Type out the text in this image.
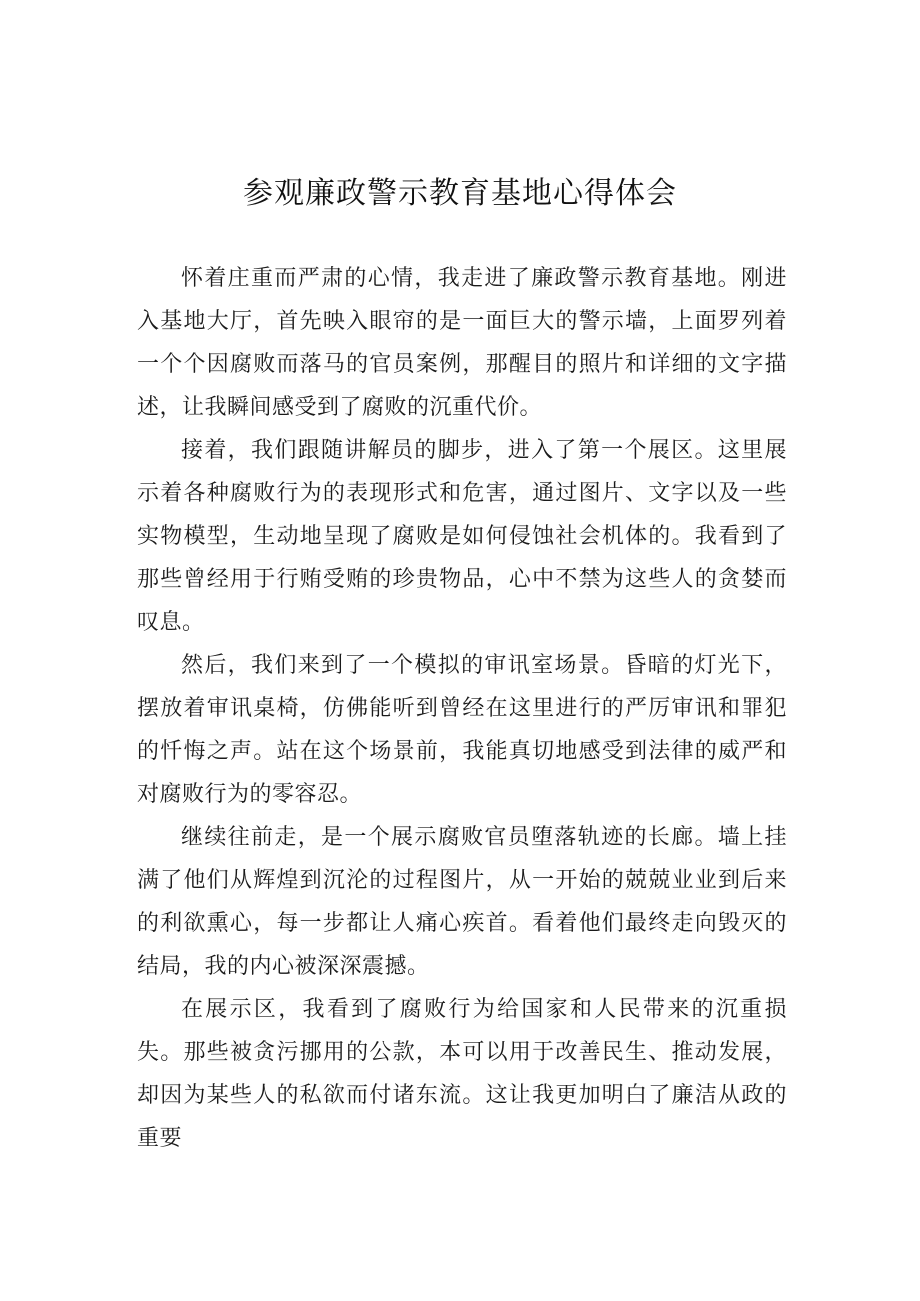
参观廉政警示教育基地心得体会

怀着庄重而严肃的心情，我走进了廉政警示教育基地。刚进入基地大厅，首先映入眼帘的是一面巨大的警示墙，上面罗列着一个个因腐败而落马的官员案例，那醒目的照片和详细的文字描述，让我瞬间感受到了腐败的沉重代价。

接着，我们跟随讲解员的脚步，进入了第一个展区。这里展示着各种腐败行为的表现形式和危害，通过图片、文字以及一些实物模型，生动地呈现了腐败是如何侵蚀社会机体的。我看到了那些曾经用于行贿受贿的珍贵物品，心中不禁为这些人的贪婪而叹息。

然后，我们来到了一个模拟的审讯室场景。昏暗的灯光下，摆放着审讯桌椅，仿佛能听到曾经在这里进行的严厉审讯和罪犯的忏悔之声。站在这个场景前，我能真切地感受到法律的威严和对腐败行为的零容忍。

继续往前走，是一个展示腐败官员堕落轨迹的长廊。墙上挂满了他们从辉煌到沉沦的过程图片，从一开始的兢兢业业到后来的利欲熏心，每一步都让人痛心疾首。看着他们最终走向毁灭的结局，我的内心被深深震撼。

在展示区，我看到了腐败行为给国家和人民带来的沉重损失。那些被贪污挪用的公款，本可以用于改善民生、推动发展，却因为某些人的私欲而付诸东流。这让我更加明白了廉洁从政的重要
